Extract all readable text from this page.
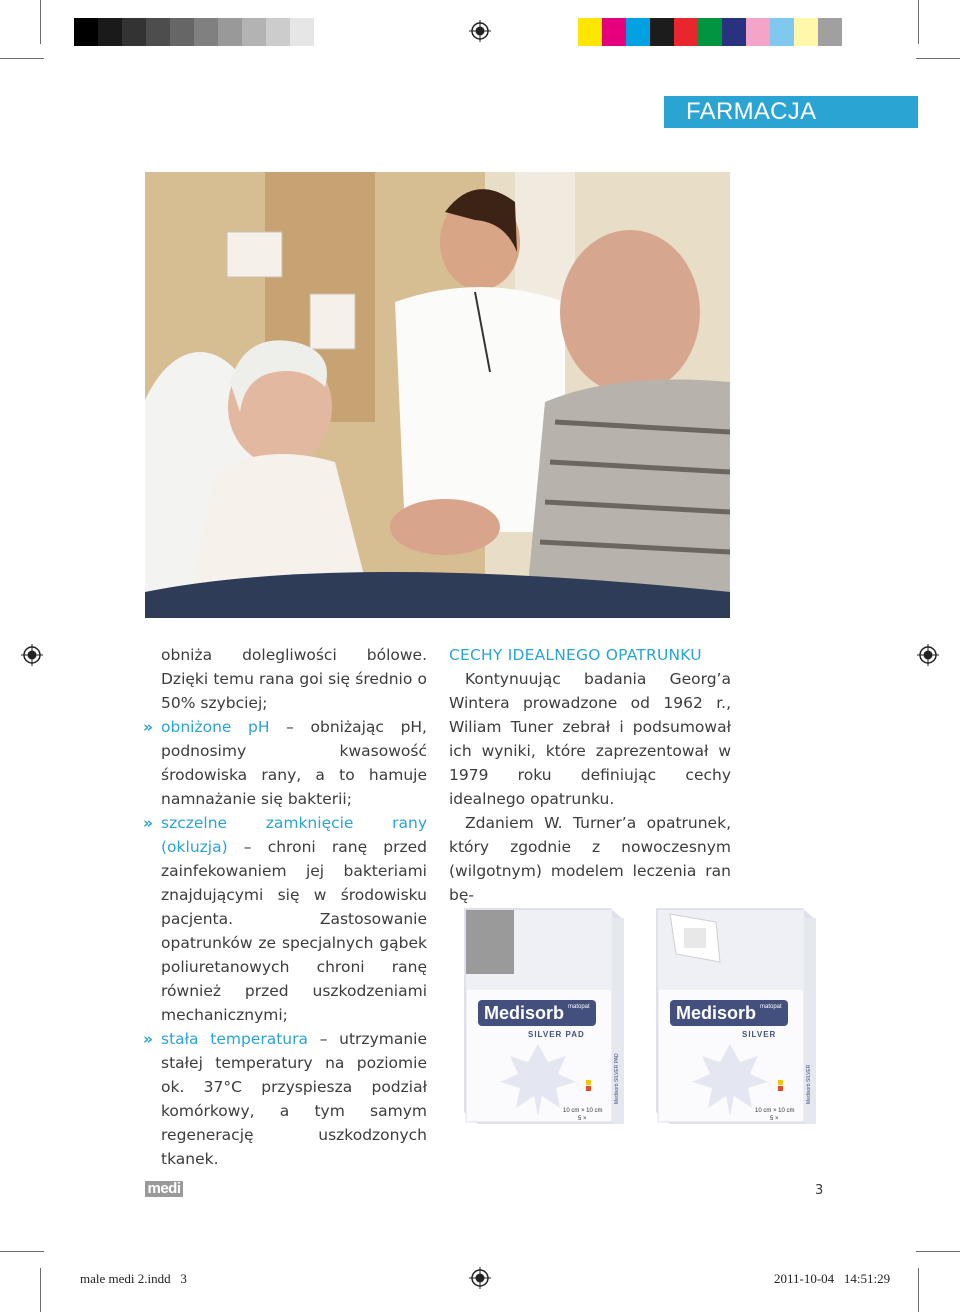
FARMACJA

obniża dolegliwości bólowe. Dzięki temu rana goi się średnio o 50% szybciej;

» obniżone pH – obniżając pH, podnosimy kwasowość środowiska rany, a to hamuje namnażanie się bakterii;

» szczelne zamknięcie rany (okluzja) – chroni ranę przed zainfekowaniem jej bakteriami znajdującymi się w środowisku pacjenta. Zastosowanie opatrunków ze specjalnych gąbek poliuretanowych chroni ranę również przed uszkodzeniami mechanicznymi;

» stała temperatura – utrzymanie stałej temperatury na poziomie ok. 37°C przyspiesza podział komórkowy, a tym samym regenerację uszkodzonych tkanek.

CECHY IDEALNEGO OPATRUNKU

Kontynuując badania Georg’a Wintera prowadzone od 1962 r., Wiliam Tuner zebrał i podsumował ich wyniki, które zaprezentował w 1979 roku definiując cechy idealnego opatrunku.

Zdaniem W. Turner’a opatrunek, który zgodnie z nowoczesnym (wilgotnym) modelem leczenia ran bę-

Medisorb matopat
SILVER PAD
10 cm × 10 cm
5 ×
Medisorb SILVER PAD
Medisorb matopat
SILVER
10 cm × 10 cm
5 ×
Medisorb SILVER
medi	3
male medi 2.indd   3	2011-10-04   14:51:29
